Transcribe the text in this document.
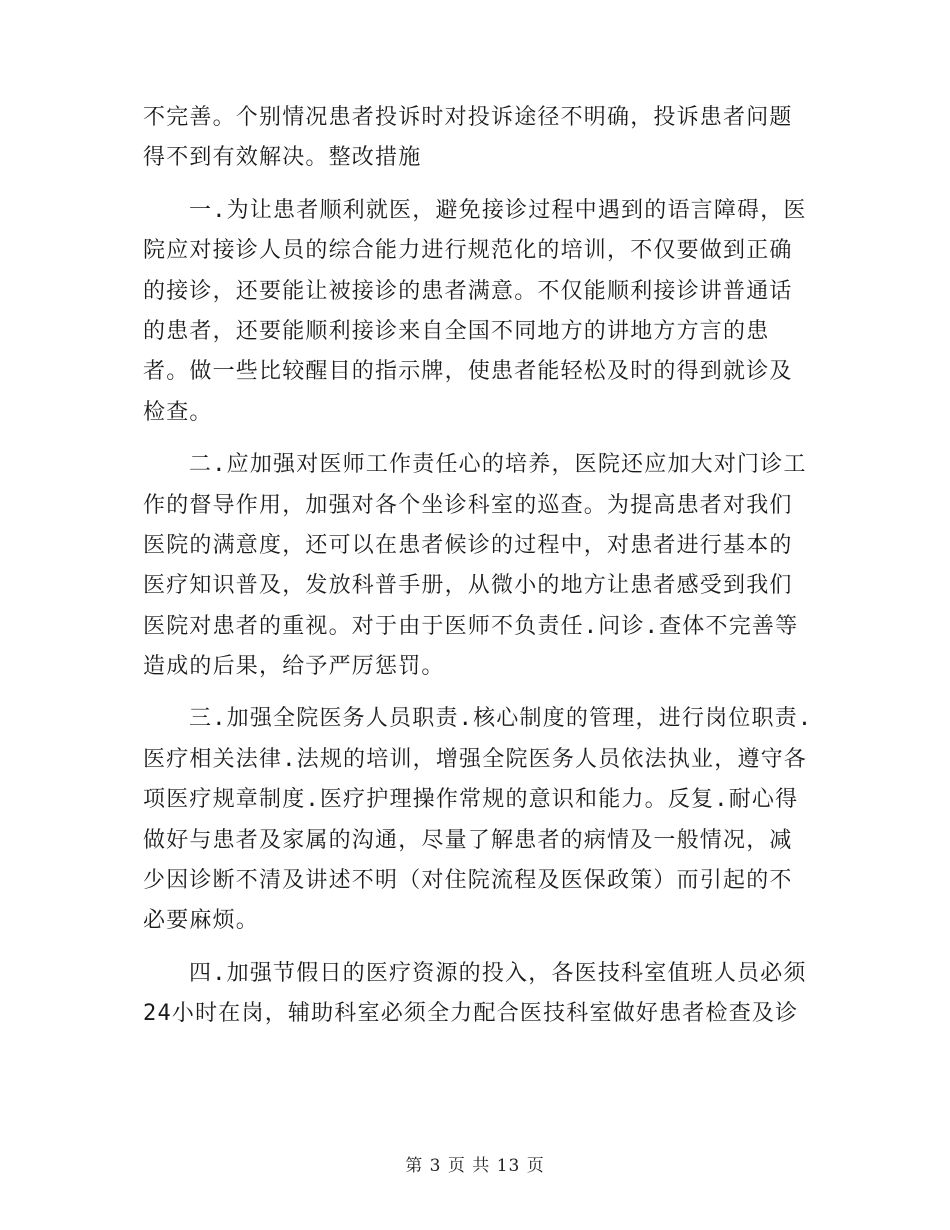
不完善。个别情况患者投诉时对投诉途径不明确，投诉患者问题
得不到有效解决。整改措施
一.为让患者顺利就医，避免接诊过程中遇到的语言障碍，医
院应对接诊人员的综合能力进行规范化的培训，不仅要做到正确
的接诊，还要能让被接诊的患者满意。不仅能顺利接诊讲普通话
的患者，还要能顺利接诊来自全国不同地方的讲地方方言的患
者。做一些比较醒目的指示牌，使患者能轻松及时的得到就诊及
检查。
二.应加强对医师工作责任心的培养，医院还应加大对门诊工
作的督导作用，加强对各个坐诊科室的巡查。为提高患者对我们
医院的满意度，还可以在患者候诊的过程中，对患者进行基本的
医疗知识普及，发放科普手册，从微小的地方让患者感受到我们
医院对患者的重视。对于由于医师不负责任.问诊.查体不完善等
造成的后果，给予严厉惩罚。
三.加强全院医务人员职责.核心制度的管理，进行岗位职责.
医疗相关法律.法规的培训，增强全院医务人员依法执业，遵守各
项医疗规章制度.医疗护理操作常规的意识和能力。反复.耐心得
做好与患者及家属的沟通，尽量了解患者的病情及一般情况，减
少因诊断不清及讲述不明（对住院流程及医保政策）而引起的不
必要麻烦。
四.加强节假日的医疗资源的投入，各医技科室值班人员必须
24小时在岗，辅助科室必须全力配合医技科室做好患者检查及诊
第 3 页 共 13 页
